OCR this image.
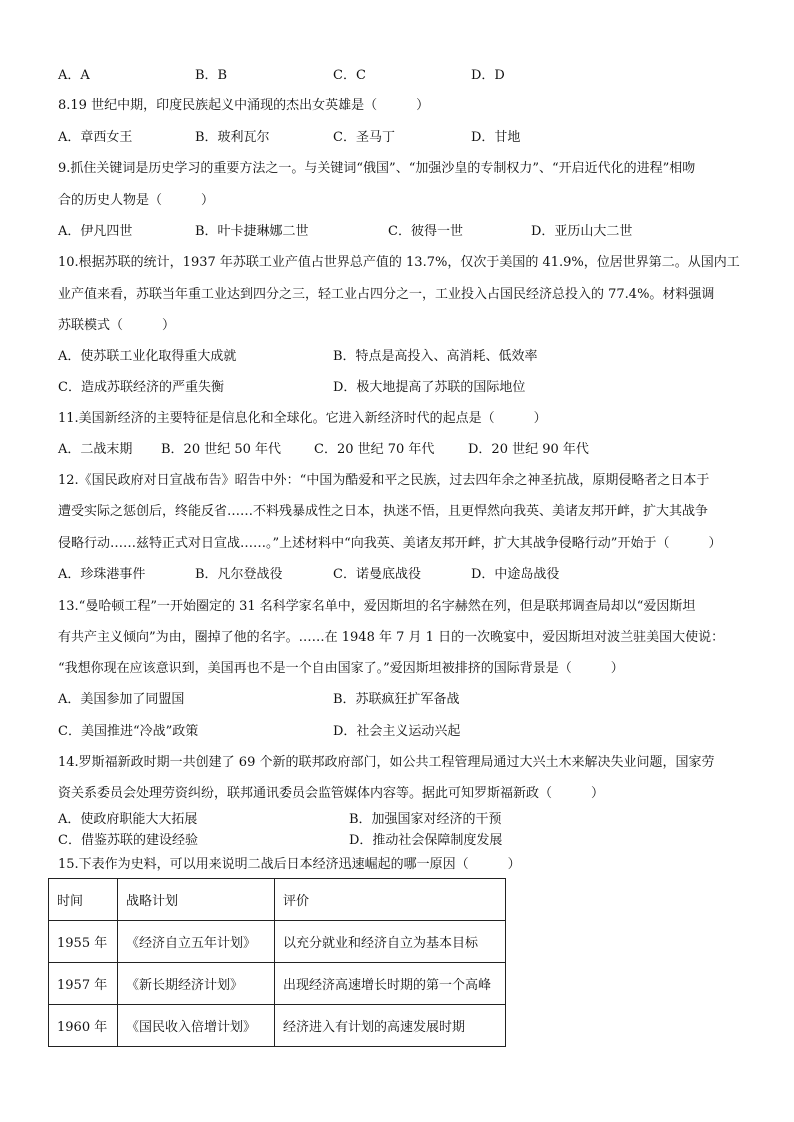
A．A	B．B	C．C	D．D
8.19 世纪中期，印度民族起义中涌现的杰出女英雄是（　　　）
A．章西女王	B．玻利瓦尔	C．圣马丁	D．甘地
9.抓住关键词是历史学习的重要方法之一。与关键词“俄国”、“加强沙皇的专制权力”、“开启近代化的进程”相吻
合的历史人物是（　　　）
A．伊凡四世	B．叶卡捷琳娜二世	C．彼得一世	D．亚历山大二世
10.根据苏联的统计，1937 年苏联工业产值占世界总产值的 13.7%，仅次于美国的 41.9%，位居世界第二。从国内工
业产值来看，苏联当年重工业达到四分之三，轻工业占四分之一，工业投入占国民经济总投入的 77.4%。材料强调
苏联模式（　　　）
A．使苏联工业化取得重大成就	B．特点是高投入、高消耗、低效率
C．造成苏联经济的严重失衡	D．极大地提高了苏联的国际地位
11.美国新经济的主要特征是信息化和全球化。它进入新经济时代的起点是（　　　）
A．二战末期 B．20 世纪 50 年代	C．20 世纪 70 年代	D．20 世纪 90 年代
12.《国民政府对日宣战布告》昭告中外：“中国为酷爱和平之民族，过去四年余之神圣抗战，原期侵略者之日本于
遭受实际之惩创后，终能反省……不料残暴成性之日本，执迷不悟，且更悍然向我英、美诸友邦开衅，扩大其战争
侵略行动……兹特正式对日宣战……。”上述材料中“向我英、美诸友邦开衅，扩大其战争侵略行动”开始于（　　　）
A．珍珠港事件	B．凡尔登战役	C．诺曼底战役	D．中途岛战役
13.“曼哈顿工程”一开始圈定的 31 名科学家名单中，爱因斯坦的名字赫然在列，但是联邦调查局却以“爱因斯坦
有共产主义倾向”为由，圈掉了他的名字。……在 1948 年 7 月 1 日的一次晚宴中，爱因斯坦对波兰驻美国大使说：
“我想你现在应该意识到，美国再也不是一个自由国家了。”爱因斯坦被排挤的国际背景是（　　　）
A．美国参加了同盟国	B．苏联疯狂扩军备战
C．美国推进“冷战”政策	D．社会主义运动兴起
14.罗斯福新政时期一共创建了 69 个新的联邦政府部门，如公共工程管理局通过大兴土木来解决失业问题，国家劳
资关系委员会处理劳资纠纷，联邦通讯委员会监管媒体内容等。据此可知罗斯福新政（　　　）
A．使政府职能大大拓展	B．加强国家对经济的干预
C．借鉴苏联的建设经验	D．推动社会保障制度发展
15.下表作为史料，可以用来说明二战后日本经济迅速崛起的哪一原因（　　　）
时间	战略计划	评价
1955 年	《经济自立五年计划》	以充分就业和经济自立为基本目标
1957 年	《新长期经济计划》	出现经济高速增长时期的第一个高峰
1960 年	《国民收入倍增计划》	经济进入有计划的高速发展时期
